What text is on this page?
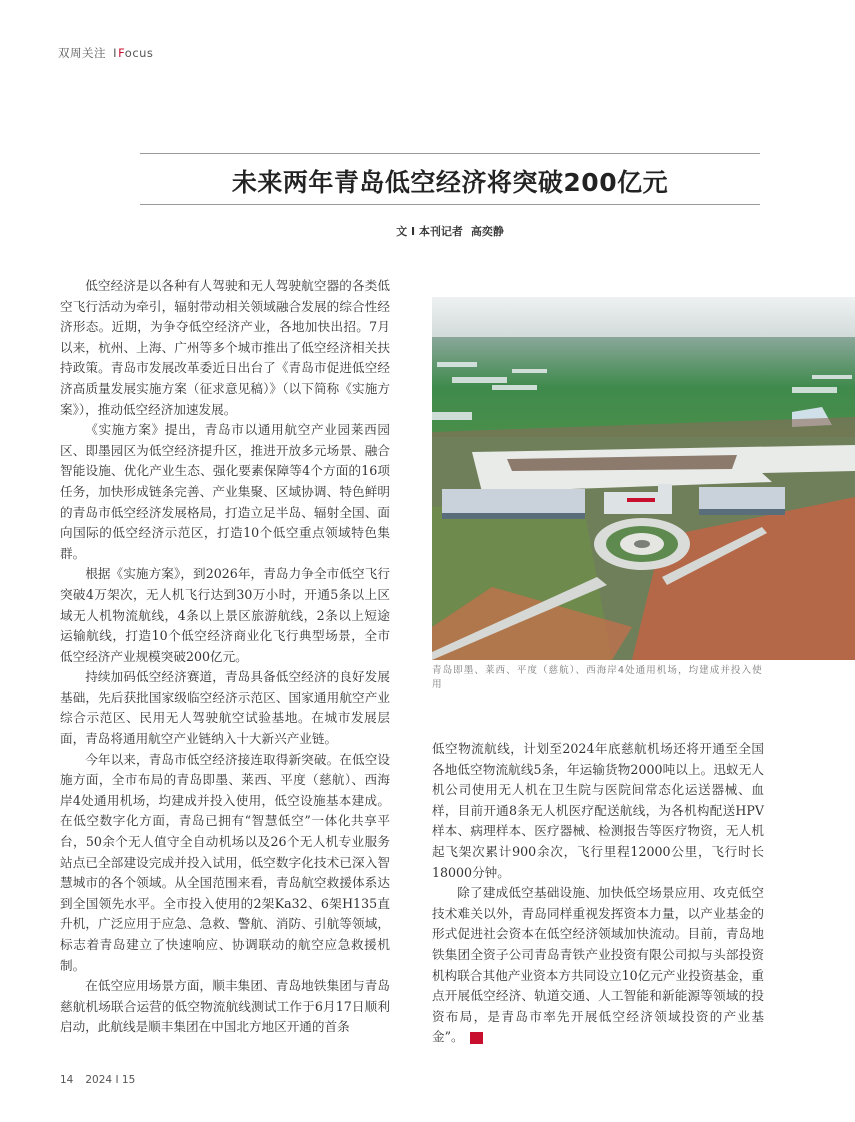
双周关注 IFocus
未来两年青岛低空经济将突破200亿元
文 I 本刊记者 高奕静

低空经济是以各种有人驾驶和无人驾驶航空器的各类低空飞行活动为牵引，辐射带动相关领域融合发展的综合性经济形态。近期，为争夺低空经济产业，各地加快出招。7月以来，杭州、上海、广州等多个城市推出了低空经济相关扶持政策。青岛市发展改革委近日出台了《青岛市促进低空经济高质量发展实施方案（征求意见稿）》（以下简称《实施方案》），推动低空经济加速发展。

《实施方案》提出，青岛市以通用航空产业园莱西园区、即墨园区为低空经济提升区，推进开放多元场景、融合智能设施、优化产业生态、强化要素保障等4个方面的16项任务，加快形成链条完善、产业集聚、区域协调、特色鲜明的青岛市低空经济发展格局，打造立足半岛、辐射全国、面向国际的低空经济示范区，打造10个低空重点领域特色集群。

根据《实施方案》，到2026年，青岛力争全市低空飞行突破4万架次，无人机飞行达到30万小时，开通5条以上区域无人机物流航线，4条以上景区旅游航线，2条以上短途运输航线，打造10个低空经济商业化飞行典型场景，全市低空经济产业规模突破200亿元。

持续加码低空经济赛道，青岛具备低空经济的良好发展基础，先后获批国家级临空经济示范区、国家通用航空产业综合示范区、民用无人驾驶航空试验基地。在城市发展层面，青岛将通用航空产业链纳入十大新兴产业链。

今年以来，青岛市低空经济接连取得新突破。在低空设施方面，全市布局的青岛即墨、莱西、平度（慈航）、西海岸4处通用机场，均建成并投入使用，低空设施基本建成。在低空数字化方面，青岛已拥有“智慧低空”一体化共享平台，50余个无人值守全自动机场以及26个无人机专业服务站点已全部建设完成并投入试用，低空数字化技术已深入智慧城市的各个领域。从全国范围来看，青岛航空救援体系达到全国领先水平。全市投入使用的2架Ka32、6架H135直升机，广泛应用于应急、急救、警航、消防、引航等领域，标志着青岛建立了快速响应、协调联动的航空应急救援机制。

在低空应用场景方面，顺丰集团、青岛地铁集团与青岛慈航机场联合运营的低空物流航线测试工作于6月17日顺利启动，此航线是顺丰集团在中国北方地区开通的首条

青岛即墨、莱西、平度（慈航）、西海岸4处通用机场，均建成并投入使用

低空物流航线，计划至2024年底慈航机场还将开通至全国各地低空物流航线5条，年运输货物2000吨以上。迅蚁无人机公司使用无人机在卫生院与医院间常态化运送器械、血样，目前开通8条无人机医疗配送航线，为各机构配送HPV样本、病理样本、医疗器械、检测报告等医疗物资，无人机起飞架次累计900余次，飞行里程12000公里，飞行时长18000分钟。

除了建成低空基础设施、加快低空场景应用、攻克低空技术难关以外，青岛同样重视发挥资本力量，以产业基金的形式促进社会资本在低空经济领域加快流动。目前，青岛地铁集团全资子公司青岛青铁产业投资有限公司拟与头部投资机构联合其他产业资本方共同设立10亿元产业投资基金，重点开展低空经济、轨道交通、人工智能和新能源等领域的投资布局，是青岛市率先开展低空经济领域投资的产业基金”。	Z

14 2024 I 15
